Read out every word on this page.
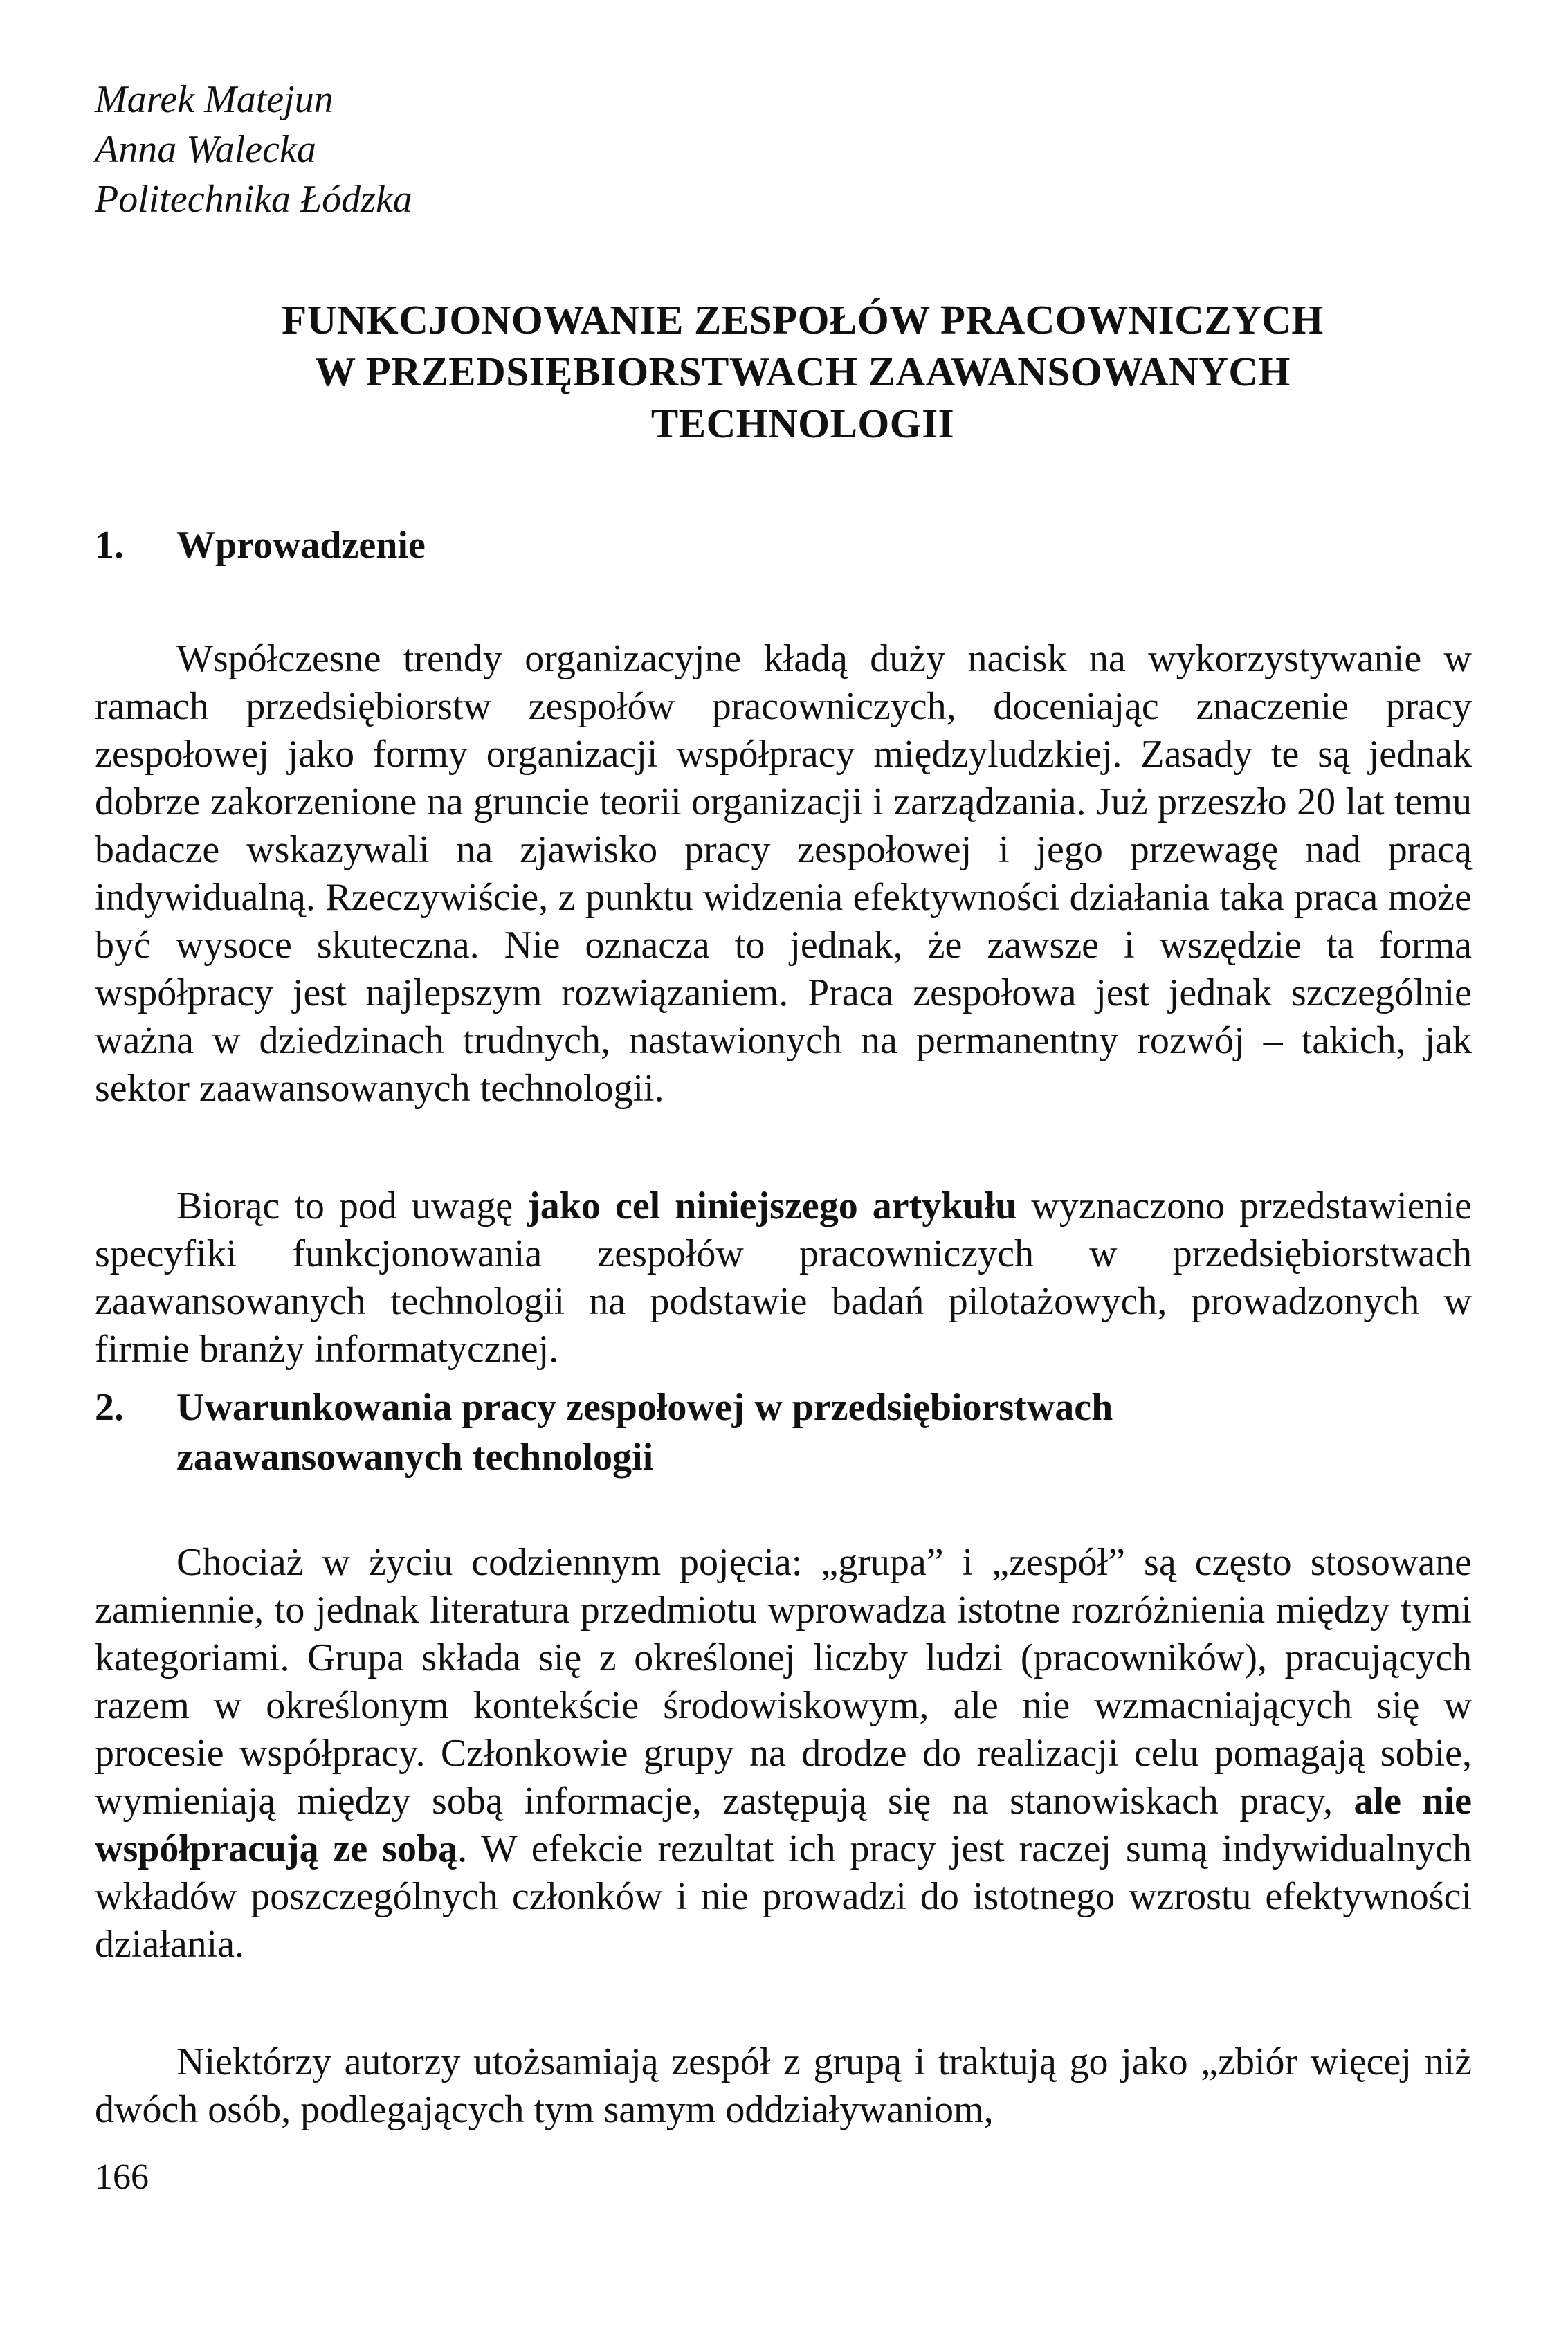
Marek Matejun
Anna Walecka
Politechnika Łódzka
FUNKCJONOWANIE ZESPOŁÓW PRACOWNICZYCH
W PRZEDSIĘBIORSTWACH ZAAWANSOWANYCH
TECHNOLOGII
1. Wprowadzenie

Współczesne trendy organizacyjne kładą duży nacisk na wykorzystywanie w ramach przedsiębiorstw zespołów pracowniczych, doceniając znaczenie pracy zespołowej jako formy organizacji współpracy międzyludzkiej. Zasady te są jednak dobrze zakorzenione na gruncie teorii organizacji i zarządzania. Już przeszło 20 lat temu badacze wskazywali na zjawisko pracy zespołowej i jego przewagę nad pracą indywidualną. Rzeczywiście, z punktu widzenia efektywności działania taka praca może być wysoce skuteczna. Nie oznacza to jednak, że zawsze i wszędzie ta forma współpracy jest najlepszym rozwiązaniem. Praca zespołowa jest jednak szczególnie ważna w dziedzinach trudnych, nastawionych na permanentny rozwój – takich, jak sektor zaawansowanych technologii.

Biorąc to pod uwagę jako cel niniejszego artykułu wyznaczono przedstawienie specyfiki funkcjonowania zespołów pracowniczych w przedsiębiorstwach zaawansowanych technologii na podstawie badań pilotażowych, prowadzonych w firmie branży informatycznej.

2. Uwarunkowania pracy zespołowej w przedsiębiorstwach
zaawansowanych technologii

Chociaż w życiu codziennym pojęcia: „grupa” i „zespół” są często stosowane zamiennie, to jednak literatura przedmiotu wprowadza istotne rozróżnienia między tymi kategoriami. Grupa składa się z określonej liczby ludzi (pracowników), pracujących razem w określonym kontekście środowiskowym, ale nie wzmacniających się w procesie współpracy. Członkowie grupy na drodze do realizacji celu pomagają sobie, wymieniają między sobą informacje, zastępują się na stanowiskach pracy, ale nie współpracują ze sobą. W efekcie rezultat ich pracy jest raczej sumą indywidualnych wkładów poszczególnych członków i nie prowadzi do istotnego wzrostu efektywności działania.

Niektórzy autorzy utożsamiają zespół z grupą i traktują go jako „zbiór więcej niż dwóch osób, podlegających tym samym oddziaływaniom,

166
